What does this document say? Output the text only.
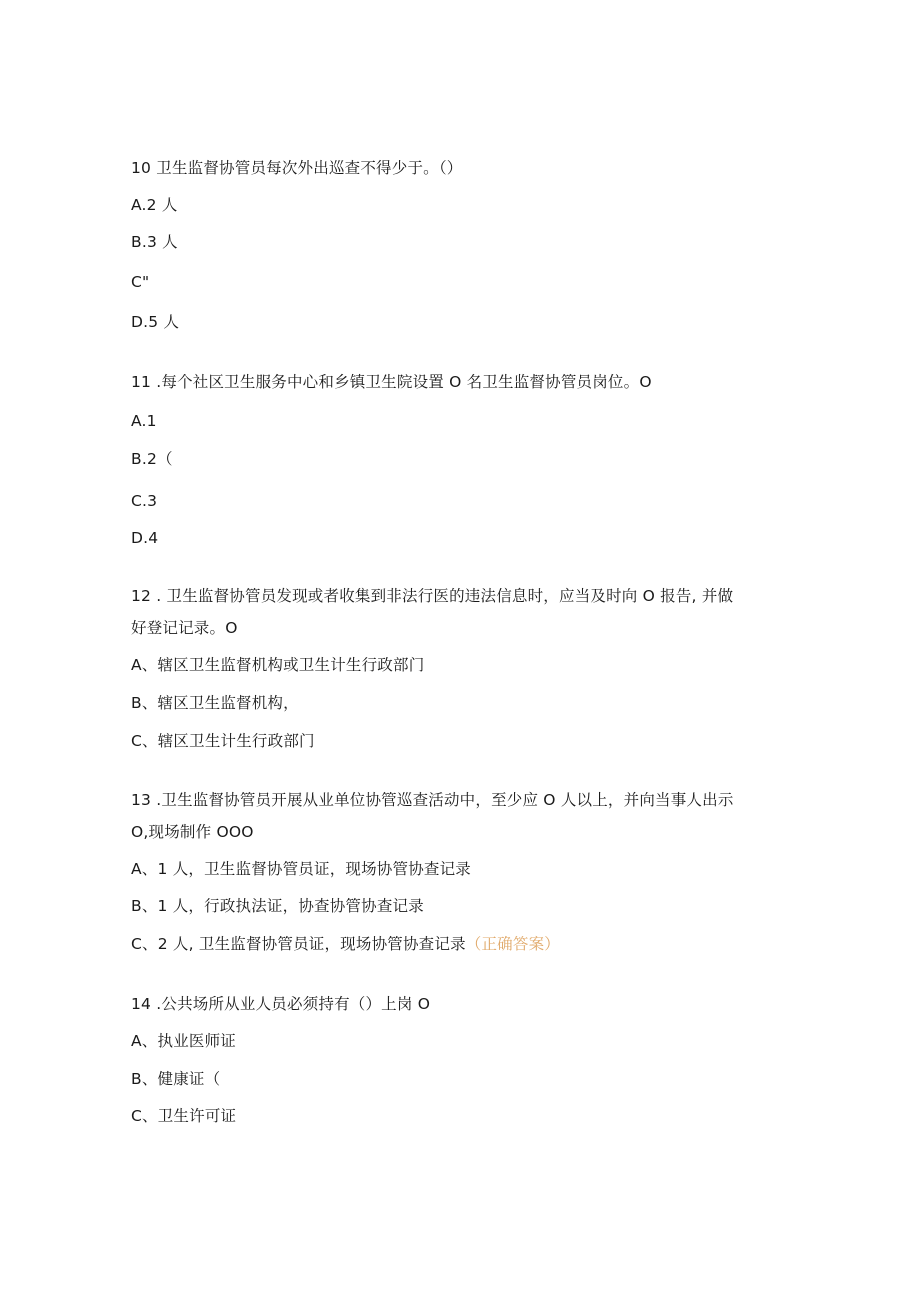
10 卫生监督协管员每次外出巡查不得少于。（）
A.2 人
B.3 人
C"
D.5 人
11 .每个社区卫生服务中心和乡镇卫生院设置 O 名卫生监督协管员岗位。O
A.1
B.2（
C.3
D.4
12 . 卫生监督协管员发现或者收集到非法行医的违法信息时，应当及时向 O 报告, 并做
好登记记录。O
A、辖区卫生监督机构或卫生计生行政部门
B、辖区卫生监督机构，
C、辖区卫生计生行政部门
13 .卫生监督协管员开展从业单位协管巡查活动中，至少应 O 人以上，并向当事人出示
O,现场制作 OOO
A、1 人，卫生监督协管员证，现场协管协查记录
B、1 人，行政执法证，协查协管协查记录
C、2 人, 卫生监督协管员证，现场协管协查记录（正确答案）
14 .公共场所从业人员必须持有（）上岗 O
A、执业医师证
B、健康证（
C、卫生许可证
